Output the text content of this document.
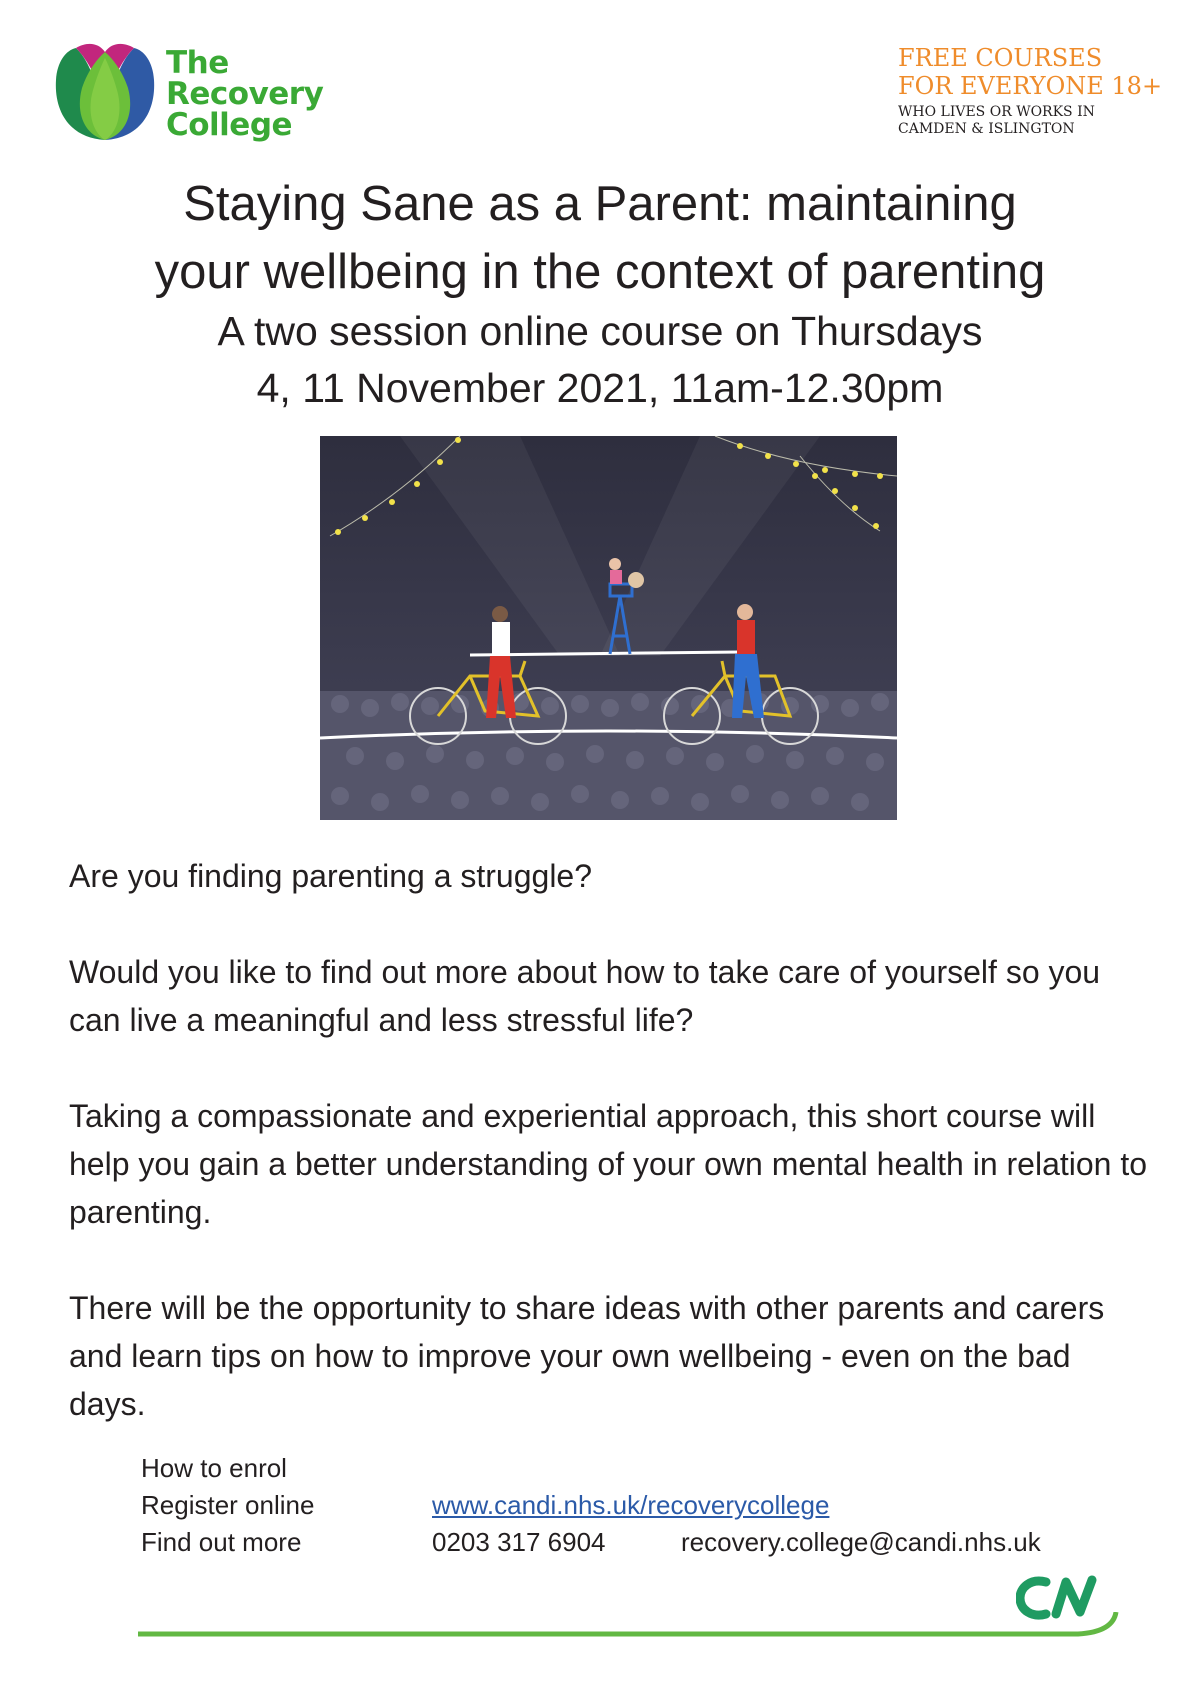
The
Recovery
College
FREE COURSES
FOR EVERYONE 18+
WHO LIVES OR WORKS IN
CAMDEN & ISLINGTON
Staying Sane as a Parent: maintaining
your wellbeing in the context of parenting
A two session online course on Thursdays
4, 11 November 2021, 11am-12.30pm

Are you finding parenting a struggle?

Would you like to find out more about how to take care of yourself so you can live a meaningful and less stressful life?

Taking a compassionate and experiential approach, this short course will help you gain a better understanding of your own mental health in relation to parenting.

There will be the opportunity to share ideas with other parents and carers and learn tips on how to improve your own wellbeing - even on the bad days.

How to enrol
Register online	www.candi.nhs.uk/recoverycollege
Find out more	0203 317 6904	recovery.college@candi.nhs.uk
